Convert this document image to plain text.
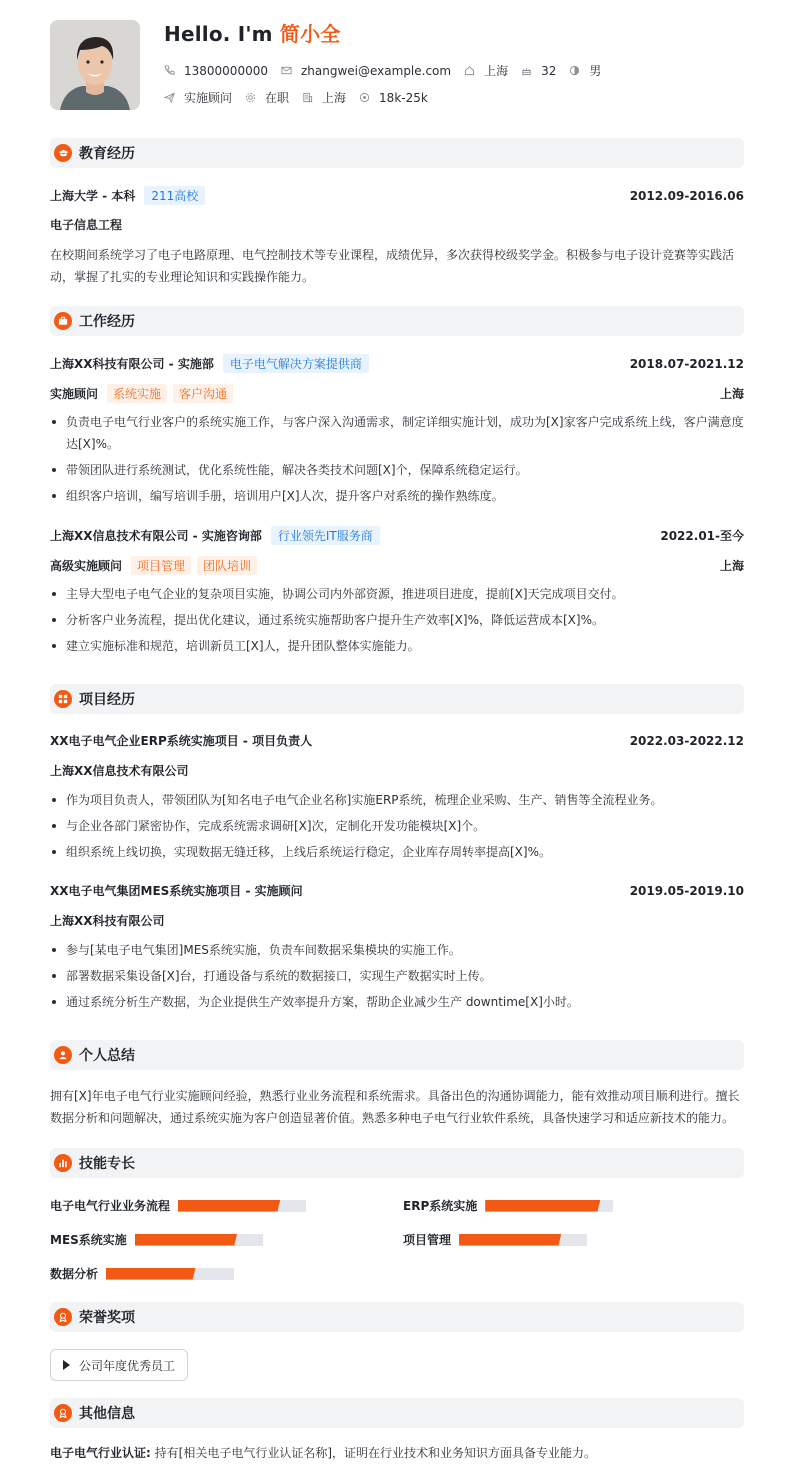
Hello. I'm 简小全
13800000000	zhangwei@example.com	上海	32	男
实施顾问	在职	上海	18k-25k
教育经历
上海大学 - 本科	211高校	2012.09-2016.06
电子信息工程
在校期间系统学习了电子电路原理、电气控制技术等专业课程，成绩优异，多次获得校级奖学金。积极参与电子设计竞赛等实践活动，掌握了扎实的专业理论知识和实践操作能力。
工作经历
上海XX科技有限公司 - 实施部	电子电气解决方案提供商	2018.07-2021.12
实施顾问	系统实施	客户沟通	上海
负责电子电气行业客户的系统实施工作，与客户深入沟通需求，制定详细实施计划，成功为[X]家客户完成系统上线，客户满意度达[X]%。
带领团队进行系统测试，优化系统性能，解决各类技术问题[X]个，保障系统稳定运行。
组织客户培训，编写培训手册，培训用户[X]人次，提升客户对系统的操作熟练度。
上海XX信息技术有限公司 - 实施咨询部	行业领先IT服务商	2022.01-至今
高级实施顾问	项目管理	团队培训	上海
主导大型电子电气企业的复杂项目实施，协调公司内外部资源，推进项目进度，提前[X]天完成项目交付。
分析客户业务流程，提出优化建议，通过系统实施帮助客户提升生产效率[X]%，降低运营成本[X]%。
建立实施标准和规范，培训新员工[X]人，提升团队整体实施能力。
项目经历
XX电子电气企业ERP系统实施项目 - 项目负责人	2022.03-2022.12
上海XX信息技术有限公司
作为项目负责人，带领团队为[知名电子电气企业名称]实施ERP系统，梳理企业采购、生产、销售等全流程业务。
与企业各部门紧密协作，完成系统需求调研[X]次，定制化开发功能模块[X]个。
组织系统上线切换，实现数据无缝迁移，上线后系统运行稳定，企业库存周转率提高[X]%。
XX电子电气集团MES系统实施项目 - 实施顾问	2019.05-2019.10
上海XX科技有限公司
参与[某电子电气集团]MES系统实施，负责车间数据采集模块的实施工作。
部署数据采集设备[X]台，打通设备与系统的数据接口，实现生产数据实时上传。
通过系统分析生产数据，为企业提供生产效率提升方案，帮助企业减少生产 downtime[X]小时。
个人总结
拥有[X]年电子电气行业实施顾问经验，熟悉行业业务流程和系统需求。具备出色的沟通协调能力，能有效推动项目顺利进行。擅长数据分析和问题解决，通过系统实施为客户创造显著价值。熟悉多种电子电气行业软件系统，具备快速学习和适应新技术的能力。
技能专长
电子电气行业业务流程	ERP系统实施
MES系统实施	项目管理
数据分析
荣誉奖项
公司年度优秀员工
其他信息
电子电气行业认证: 持有[相关电子电气行业认证名称]，证明在行业技术和业务知识方面具备专业能力。
